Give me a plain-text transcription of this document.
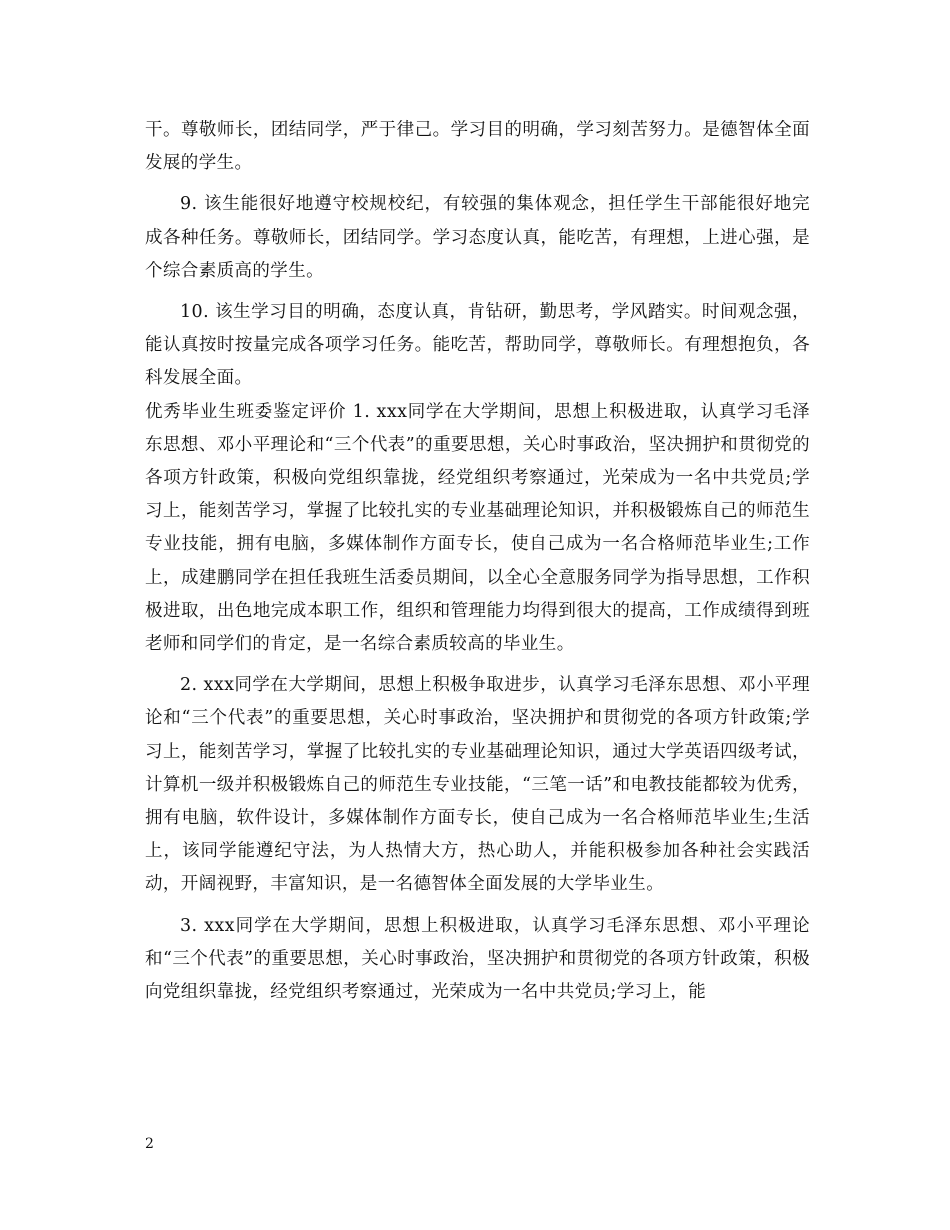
干。尊敬师长，团结同学，严于律己。学习目的明确，学习刻苦努力。是德智体全面发展的学生。

9. 该生能很好地遵守校规校纪，有较强的集体观念，担任学生干部能很好地完成各种任务。尊敬师长，团结同学。学习态度认真，能吃苦，有理想，上进心强，是个综合素质高的学生。

10. 该生学习目的明确，态度认真，肯钻研，勤思考，学风踏实。时间观念强，能认真按时按量完成各项学习任务。能吃苦，帮助同学，尊敬师长。有理想抱负，各科发展全面。

优秀毕业生班委鉴定评价 1. xxx同学在大学期间，思想上积极进取，认真学习毛泽东思想、邓小平理论和“三个代表”的重要思想，关心时事政治，坚决拥护和贯彻党的各项方针政策，积极向党组织靠拢，经党组织考察通过，光荣成为一名中共党员;学习上，能刻苦学习，掌握了比较扎实的专业基础理论知识，并积极锻炼自己的师范生专业技能，拥有电脑，多媒体制作方面专长，使自己成为一名合格师范毕业生;工作上，成建鹏同学在担任我班生活委员期间，以全心全意服务同学为指导思想，工作积极进取，出色地完成本职工作，组织和管理能力均得到很大的提高，工作成绩得到班老师和同学们的肯定，是一名综合素质较高的毕业生。

2. xxx同学在大学期间，思想上积极争取进步，认真学习毛泽东思想、邓小平理论和“三个代表”的重要思想，关心时事政治，坚决拥护和贯彻党的各项方针政策;学习上，能刻苦学习，掌握了比较扎实的专业基础理论知识，通过大学英语四级考试，计算机一级并积极锻炼自己的师范生专业技能，“三笔一话”和电教技能都较为优秀，拥有电脑，软件设计，多媒体制作方面专长，使自己成为一名合格师范毕业生;生活上，该同学能遵纪守法，为人热情大方，热心助人，并能积极参加各种社会实践活动，开阔视野，丰富知识，是一名德智体全面发展的大学毕业生。

3. xxx同学在大学期间，思想上积极进取，认真学习毛泽东思想、邓小平理论和“三个代表”的重要思想，关心时事政治，坚决拥护和贯彻党的各项方针政策，积极向党组织靠拢，经党组织考察通过，光荣成为一名中共党员;学习上，能

2
